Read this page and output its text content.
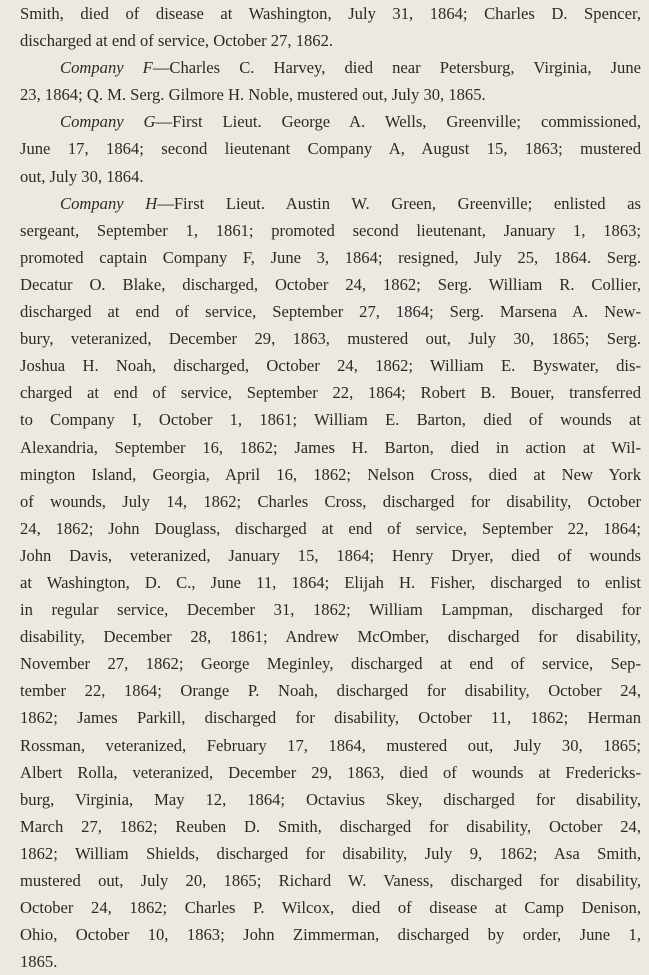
Smith, died of disease at Washington, July 31, 1864; Charles D. Spencer,
discharged at end of service, October 27, 1862.
Company F—Charles C. Harvey, died near Petersburg, Virginia, June
23, 1864; Q. M. Serg. Gilmore H. Noble, mustered out, July 30, 1865.
Company G—First Lieut. George A. Wells, Greenville; commissioned,
June 17, 1864; second lieutenant Company A, August 15, 1863; mustered
out, July 30, 1864.
Company H—First Lieut. Austin W. Green, Greenville; enlisted as
sergeant, September 1, 1861; promoted second lieutenant, January 1, 1863;
promoted captain Company F, June 3, 1864; resigned, July 25, 1864. Serg.
Decatur O. Blake, discharged, October 24, 1862; Serg. William R. Collier,
discharged at end of service, September 27, 1864; Serg. Marsena A. New-
bury, veteranized, December 29, 1863, mustered out, July 30, 1865; Serg.
Joshua H. Noah, discharged, October 24, 1862; William E. Byswater, dis-
charged at end of service, September 22, 1864; Robert B. Bouer, transferred
to Company I, October 1, 1861; William E. Barton, died of wounds at
Alexandria, September 16, 1862; James H. Barton, died in action at Wil-
mington Island, Georgia, April 16, 1862; Nelson Cross, died at New York
of wounds, July 14, 1862; Charles Cross, discharged for disability, October
24, 1862; John Douglass, discharged at end of service, September 22, 1864;
John Davis, veteranized, January 15, 1864; Henry Dryer, died of wounds
at Washington, D. C., June 11, 1864; Elijah H. Fisher, discharged to enlist
in regular service, December 31, 1862; William Lampman, discharged for
disability, December 28, 1861; Andrew McOmber, discharged for disability,
November 27, 1862; George Meginley, discharged at end of service, Sep-
tember 22, 1864; Orange P. Noah, discharged for disability, October 24,
1862; James Parkill, discharged for disability, October 11, 1862; Herman
Rossman, veteranized, February 17, 1864, mustered out, July 30, 1865;
Albert Rolla, veteranized, December 29, 1863, died of wounds at Fredericks-
burg, Virginia, May 12, 1864; Octavius Skey, discharged for disability,
March 27, 1862; Reuben D. Smith, discharged for disability, October 24,
1862; William Shields, discharged for disability, July 9, 1862; Asa Smith,
mustered out, July 20, 1865; Richard W. Vaness, discharged for disability,
October 24, 1862; Charles P. Wilcox, died of disease at Camp Denison,
Ohio, October 10, 1863; John Zimmerman, discharged by order, June 1,
1865.
